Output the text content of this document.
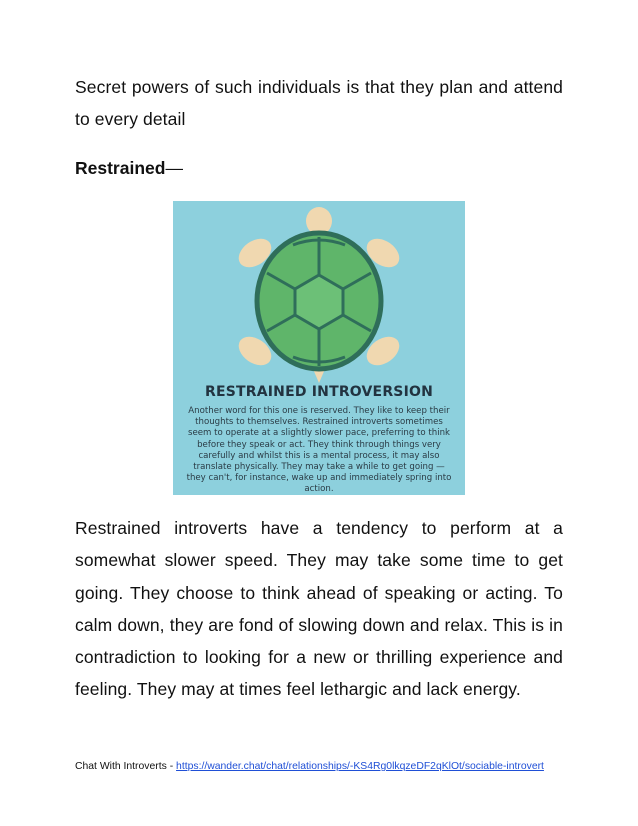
Secret powers of such individuals is that they plan and attend to every detail

Restrained—

RESTRAINED INTROVERSION
Another word for this one is reserved. They like to keep their thoughts to themselves. Restrained introverts sometimes seem to operate at a slightly slower pace, preferring to think before they speak or act. They think through things very carefully and whilst this is a mental process, it may also translate physically. They may take a while to get going — they can't, for instance, wake up and immediately spring into action.

Restrained introverts have a tendency to perform at a somewhat slower speed. They may take some time to get going. They choose to think ahead of speaking or acting. To calm down, they are fond of slowing down and relax. This is in contradiction to looking for a new or thrilling experience and feeling. They may at times feel lethargic and lack energy.

Chat With Introverts - https://wander.chat/chat/relationships/-KS4Rg0lkqzeDF2qKlOt/sociable-introvert
